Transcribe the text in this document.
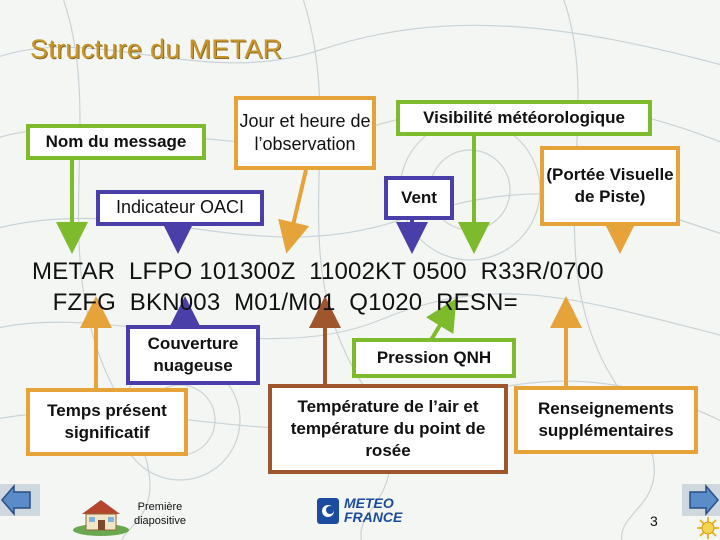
Structure du METAR
Nom du message
Jour et heure de l’observation
Visibilité météorologique
Indicateur OACI	Vent
(Portée Visuelle de Piste)
METAR  LFPO 101300Z  11002KT 0500  R33R/0700
FZFG  BKN003  M01/M01  Q1020  RESN=
Couverture nuageuse	Pression QNH
Temps présent significatif
Température de l’air et température du point de rosée
Renseignements supplémentaires
Première
diapositive
METEO
FRANCE	3
